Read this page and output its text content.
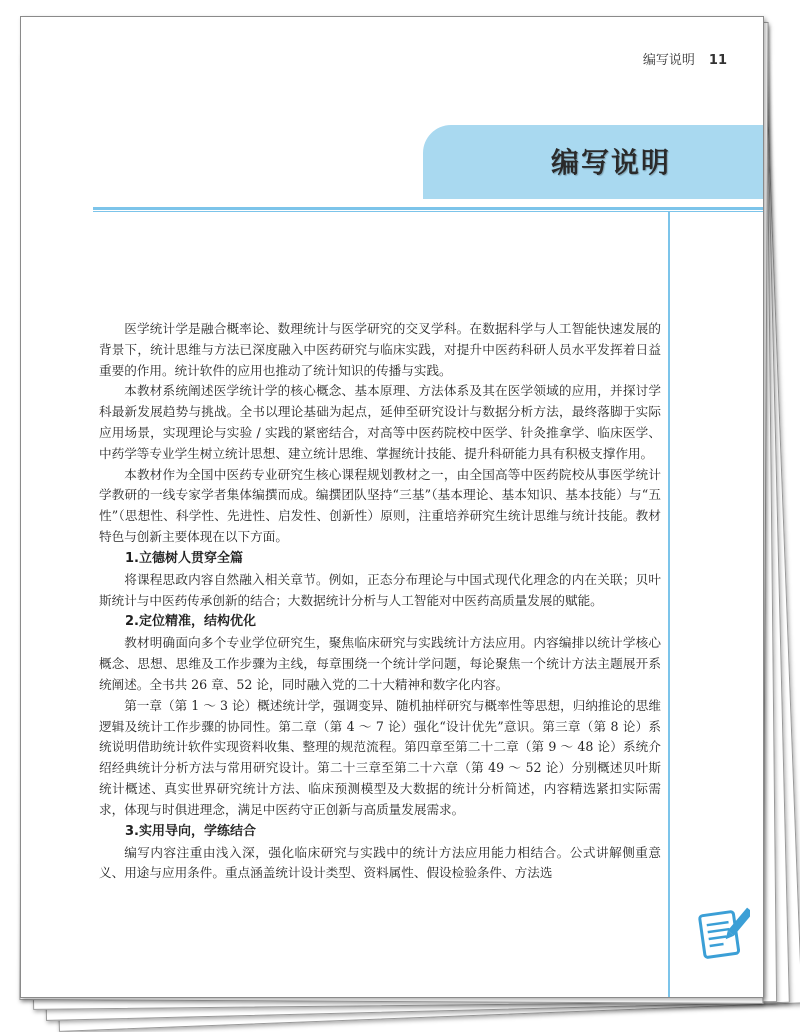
编写说明 11
编写说明

医学统计学是融合概率论、数理统计与医学研究的交叉学科。在数据科学与人工智能快速发展的背景下，统计思维与方法已深度融入中医药研究与临床实践，对提升中医药科研人员水平发挥着日益重要的作用。统计软件的应用也推动了统计知识的传播与实践。

本教材系统阐述医学统计学的核心概念、基本原理、方法体系及其在医学领域的应用，并探讨学科最新发展趋势与挑战。全书以理论基础为起点，延伸至研究设计与数据分析方法，最终落脚于实际应用场景，实现理论与实验 / 实践的紧密结合，对高等中医药院校中医学、针灸推拿学、临床医学、中药学等专业学生树立统计思想、建立统计思维、掌握统计技能、提升科研能力具有积极支撑作用。

本教材作为全国中医药专业研究生核心课程规划教材之一，由全国高等中医药院校从事医学统计学教研的一线专家学者集体编撰而成。编撰团队坚持“三基”（基本理论、基本知识、基本技能）与“五性”（思想性、科学性、先进性、启发性、创新性）原则，注重培养研究生统计思维与统计技能。教材特色与创新主要体现在以下方面。

1.立德树人贯穿全篇

将课程思政内容自然融入相关章节。例如，正态分布理论与中国式现代化理念的内在关联；贝叶斯统计与中医药传承创新的结合；大数据统计分析与人工智能对中医药高质量发展的赋能。

2.定位精准，结构优化

教材明确面向多个专业学位研究生，聚焦临床研究与实践统计方法应用。内容编排以统计学核心概念、思想、思维及工作步骤为主线，每章围绕一个统计学问题，每论聚焦一个统计方法主题展开系统阐述。全书共 26 章、52 论，同时融入党的二十大精神和数字化内容。

第一章（第 1 ～ 3 论）概述统计学，强调变异、随机抽样研究与概率性等思想，归纳推论的思维逻辑及统计工作步骤的协同性。第二章（第 4 ～ 7 论）强化“设计优先”意识。第三章（第 8 论）系统说明借助统计软件实现资料收集、整理的规范流程。第四章至第二十二章（第 9 ～ 48 论）系统介绍经典统计分析方法与常用研究设计。第二十三章至第二十六章（第 49 ～ 52 论）分别概述贝叶斯统计概述、真实世界研究统计方法、临床预测模型及大数据的统计分析简述，内容精选紧扣实际需求，体现与时俱进理念，满足中医药守正创新与高质量发展需求。

3.实用导向，学练结合

编写内容注重由浅入深，强化临床研究与实践中的统计方法应用能力相结合。公式讲解侧重意义、用途与应用条件。重点涵盖统计设计类型、资料属性、假设检验条件、方法选
